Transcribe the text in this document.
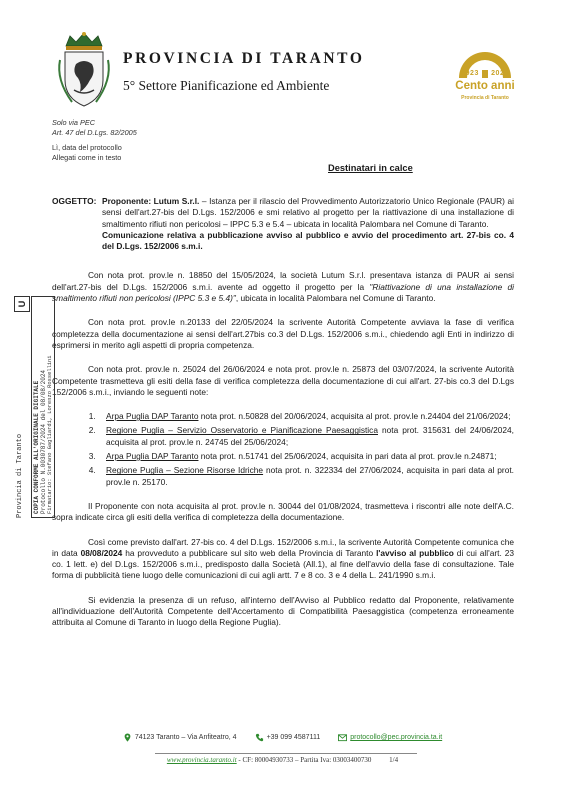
PROVINCIA DI TARANTO
5° Settore Pianificazione ed Ambiente
1923 ▲ 2023
Cento anni
Provincia di Taranto
Solo via PEC
Art. 47 del D.Lgs. 82/2005
Lì, data del protocollo
Allegati come in testo
Destinatari in calce
OGGETTO: Proponente: Lutum S.r.l. – Istanza per il rilascio del Provvedimento Autorizzatorio Unico Regionale (PAUR) ai sensi dell'art.27-bis del D.Lgs. 152/2006 e smi relativo al progetto per la riattivazione di una installazione di smaltimento rifiuti non pericolosi – IPPC 5.3 e 5.4 – ubicata in località Palombara nel Comune di Taranto.
Comunicazione relativa a pubblicazione avviso al pubblico e avvio del procedimento art. 27-bis co. 4 del D.Lgs. 152/2006 s.m.i.

Con nota prot. prov.le n. 18850 del 15/05/2024, la società Lutum S.r.l. presentava istanza di PAUR ai sensi dell'art.27-bis del D.Lgs. 152/2006 s.m.i. avente ad oggetto il progetto per la "Riattivazione di una installazione di smaltimento rifiuti non pericolosi (IPPC 5.3 e 5.4)", ubicata in località Palombara nel Comune di Taranto.

Con nota prot. prov.le n.20133 del 22/05/2024 la scrivente Autorità Competente avviava la fase di verifica completezza della documentazione ai sensi dell'art.27bis co.3 del D.Lgs. 152/2006 s.m.i., chiedendo agli Enti in indirizzo di esprimersi in merito agli aspetti di propria competenza.

Con nota prot. prov.le n. 25024 del 26/06/2024 e nota prot. prov.le n. 25873 del 03/07/2024, la scrivente Autorità Competente trasmetteva gli esiti della fase di verifica completezza della documentazione di cui all'art. 27-bis co.3 del D.Lgs 152/2006 s.m.i., inviando le seguenti note:

1. Arpa Puglia DAP Taranto nota prot. n.50828 del 20/06/2024, acquisita al prot. prov.le n.24404 del 21/06/2024;
2. Regione Puglia – Servizio Osservatorio e Pianificazione Paesaggistica nota prot. 315631 del 24/06/2024, acquisita al prot. prov.le n. 24745 del 25/06/2024;
3. Arpa Puglia DAP Taranto nota prot. n.51741 del 25/06/2024, acquisita in pari data al prot. prov.le n.24871;
4. Regione Puglia – Sezione Risorse Idriche nota prot. n. 322334 del 27/06/2024, acquisita in pari data al prot. prov.le n. 25170.

Il Proponente con nota acquisita al prot. prov.le n. 30044 del 01/08/2024, trasmetteva i riscontri alle note dell'A.C. sopra indicate circa gli esiti della verifica di completezza della documentazione.

Così come previsto dall'art. 27-bis co. 4 del D.Lgs. 152/2006 s.m.i., la scrivente Autorità Competente comunica che in data 08/08/2024 ha provveduto a pubblicare sul sito web della Provincia di Taranto l'avviso al pubblico di cui all'art. 23 co. 1 lett. e) del D.Lgs. 152/2006 s.m.i., predisposto dalla Società (All.1), al fine dell'avvio della fase di consultazione. Tale forma di pubblicità tiene luogo delle comunicazioni di cui agli artt. 7 e 8 co. 3 e 4 della L. 241/1990 s.m.i.

Si evidenzia la presenza di un refuso, all'interno dell'Avviso al Pubblico redatto dal Proponente, relativamente all'individuazione dell'Autorità Competente dell'Accertamento di Compatibilità Paesaggistica (competenza erroneamente attribuita al Comune di Taranto in luogo della Regione Puglia).

Provincia di Taranto
U
COPIA CONFORME ALL'ORIGINALE DIGITALE Protocollo N.0030787/2024 del 08/08/2024 Firmatario: Stefano Gagliardi, Lorenzo Rossellini
74123 Taranto – Via Anfiteatro, 4	+39 099 4587111	protocollo@pec.provincia.ta.it
www.provincia.taranto.it - CF: 80004930733 – Partita Iva: 03003400730	1/4
